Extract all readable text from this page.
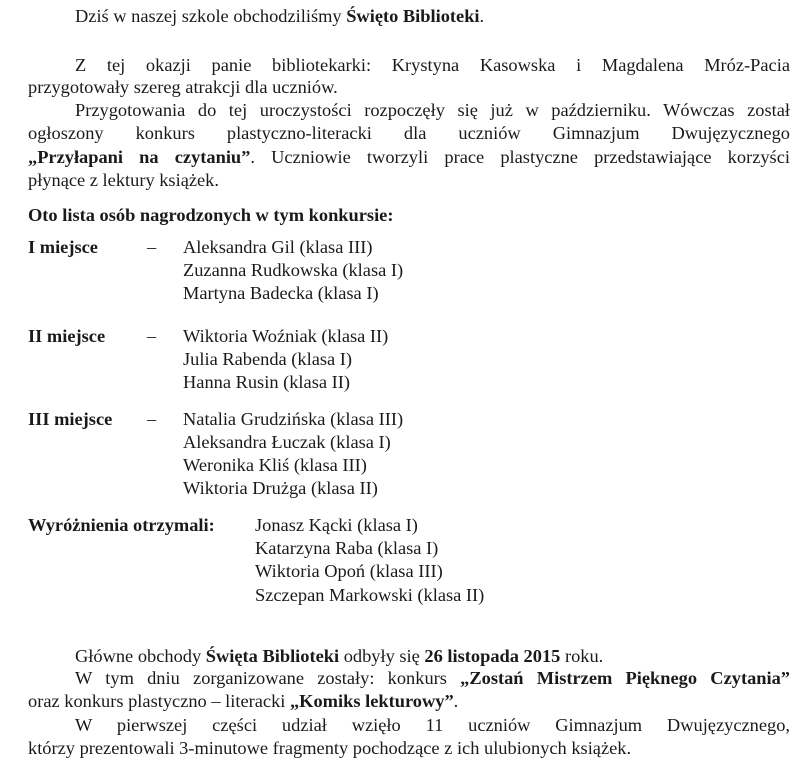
Dziś w naszej szkole obchodziliśmy Święto Biblioteki.
Z tej okazji panie bibliotekarki: Krystyna Kasowska i Magdalena Mróz-Pacia
przygotowały szereg atrakcji dla uczniów.
Przygotowania do tej uroczystości rozpoczęły się już w październiku. Wówczas został
ogłoszony konkurs plastyczno-literacki dla uczniów Gimnazjum Dwujęzycznego
„Przyłapani na czytaniu”. Uczniowie tworzyli prace plastyczne przedstawiające korzyści
płynące z lektury książek.
Oto lista osób nagrodzonych w tym konkursie:
I miejsce	– Aleksandra Gil (klasa III)
Zuzanna Rudkowska (klasa I)
Martyna Badecka (klasa I)
II miejsce – Wiktoria Woźniak (klasa II)
Julia Rabenda (klasa I)
Hanna Rusin (klasa II)
III miejsce – Natalia Grudzińska (klasa III)
Aleksandra Łuczak (klasa I)
Weronika Kliś (klasa III)
Wiktoria Drużga (klasa II)
Wyróżnienia otrzymali: Jonasz Kącki (klasa I)
Katarzyna Raba (klasa I)
Wiktoria Opoń (klasa III)
Szczepan Markowski (klasa II)
Główne obchody Święta Biblioteki odbyły się 26 listopada 2015 roku.
W tym dniu zorganizowane zostały: konkurs „Zostań Mistrzem Pięknego Czytania”
oraz konkurs plastyczno – literacki „Komiks lekturowy”.
W pierwszej części udział wzięło 11 uczniów Gimnazjum Dwujęzycznego,
którzy prezentowali 3-minutowe fragmenty pochodzące z ich ulubionych książek.
